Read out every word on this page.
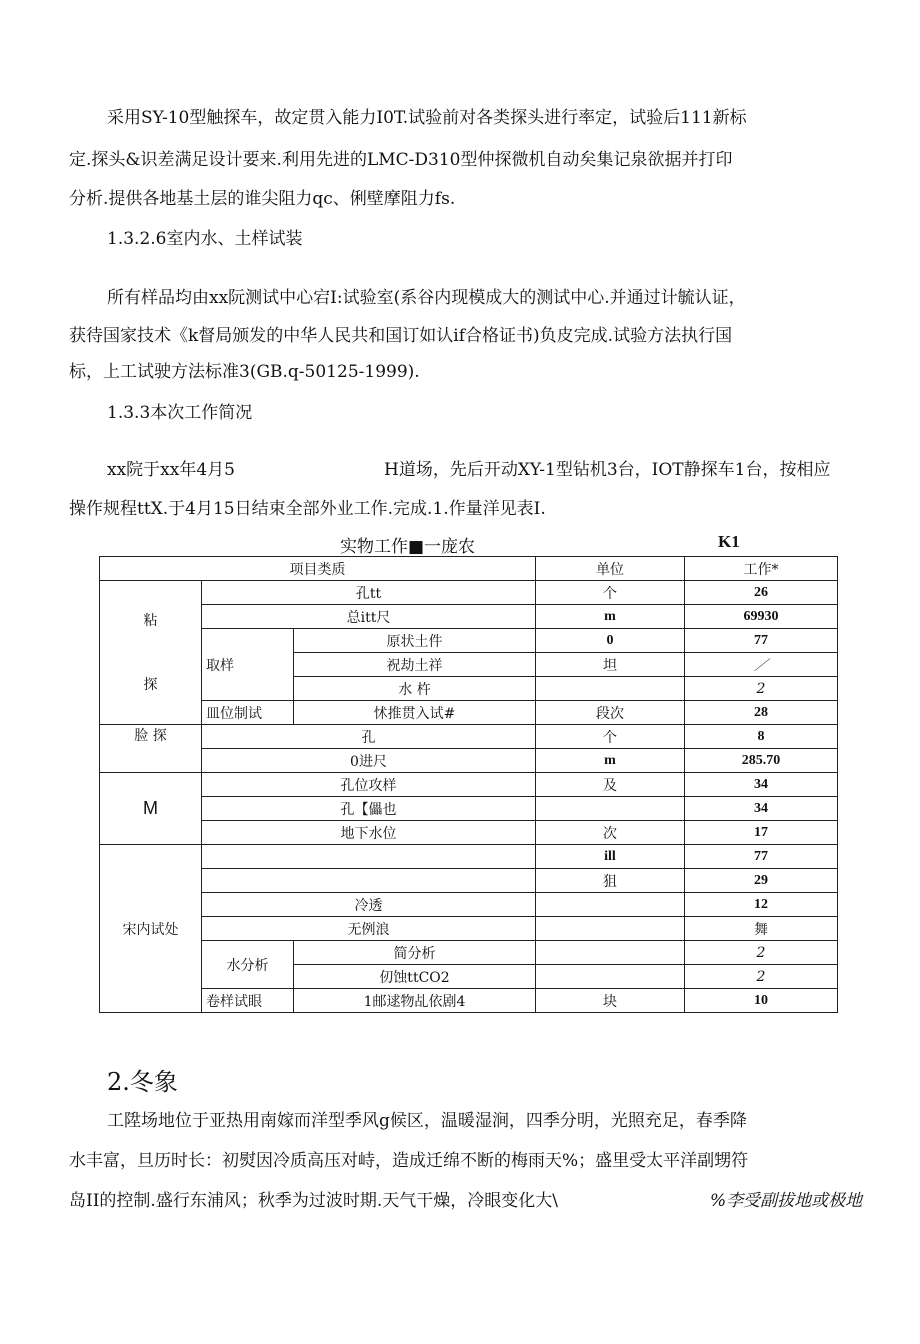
采用SY-10型触探车，故定贯入能力I0T.试验前对各类探头进行率定，试验后111新标
定.探头&识差满足设计要来.利用先进的LMC-D310型仲探微机自动矣集记泉欲据并打印
分析.提供各地基土层的谁尖阻力qc、俐壁摩阻力fs.
1.3.2.6室内水、土样试装
所有样品均由xx阮测试中心宕I:试验室(系谷内现模成大的测试中心.并通过计毓认证，
获待国家技术《k督局颁发的中华人民共和国订如认if合格证书)负皮完成.试验方法执行国
标，上工试驶方法标准3(GB.q-50125-1999).
1.3.3本次工作简况
xx院于xx年4月5	H道场，先后开动XY-1型钻机3台，IOT静探车1台，按相应
操作规程ttX.于4月15日结束全部外业工作.完成.1.作量洋见表I.
实物工作■一庞农	K1
项目类质			单位	工作*
粘
探	孔tt		个	26
	总itt尺		m	69930
	取样	原状土件	0	77
		祝劫土祥	坦	／
		水 杵		2
	皿位制试	怵推贯入试#	段次	28
脸 探	孔		个	8
	0进尺		m	285.70
M	孔位攻样		及	34
	孔【儡也			34
	地下水位		次	17
宋内试处			ill	77
			狙	29
	冷透			12
	无例浪			舞
	水分析	简分析		2
		仞蚀ttCO2		2
	卷样试眼	1邮逑物乩依剧4	块	10
2.冬象
工陞场地位于亚热用南嫁而洋型季风g候区，温暖湿涧，四季分明，光照充足，春季降
水丰富，旦历时长：初熨因冷质高压对峙，造成迁绵不断的梅雨天%；盛里受太平洋副甥符
岛II的控制.盛行东浦风；秋季为过波时期.天气干燥，冷眼变化大\	%李受副拔地或极地
